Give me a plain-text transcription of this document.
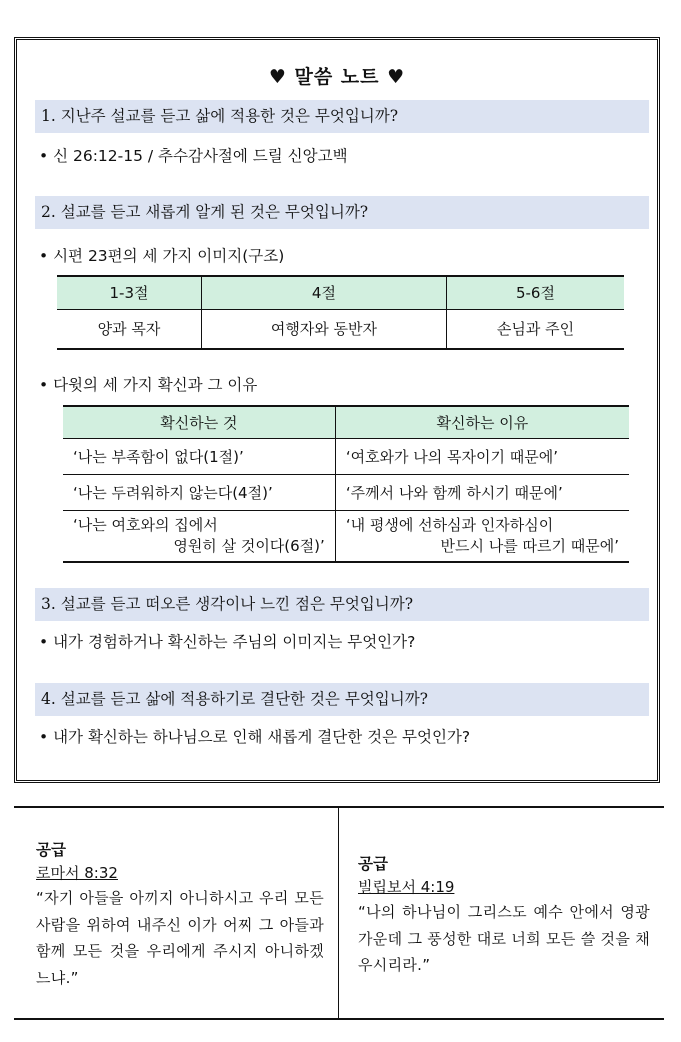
♥ 말씀 노트 ♥
1. 지난주 설교를 듣고 삶에 적용한 것은 무엇입니까?
• 신 26:12-15 / 추수감사절에 드릴 신앙고백
2. 설교를 듣고 새롭게 알게 된 것은 무엇입니까?
• 시편 23편의 세 가지 이미지(구조)
1-3절	4절	5-6절
양과 목자	여행자와 동반자	손님과 주인
• 다윗의 세 가지 확신과 그 이유
확신하는 것	확신하는 이유
‘나는 부족함이 없다(1절)’	‘여호와가 나의 목자이기 때문에’
‘나는 두려워하지 않는다(4절)’	‘주께서 나와 함께 하시기 때문에’

‘나는 여호와의 집에서
영원히 살 것이다(6절)’	‘내 평생에 선하심과 인자하심이
반드시 나를 따르기 때문에’
3. 설교를 듣고 떠오른 생각이나 느낀 점은 무엇입니까?
• 내가 경험하거나 확신하는 주님의 이미지는 무엇인가?
4. 설교를 듣고 삶에 적용하기로 결단한 것은 무엇입니까?
• 내가 확신하는 하나님으로 인해 새롭게 결단한 것은 무엇인가?
공급
로마서 8:32
“자기 아들을 아끼지 아니하시고 우리 모든 사람을 위하여 내주신 이가 어찌 그 아들과 함께 모든 것을 우리에게 주시지 아니하겠느냐.”
공급
빌립보서 4:19
“나의 하나님이 그리스도 예수 안에서 영광 가운데 그 풍성한 대로 너희 모든 쓸 것을 채우시리라.”
